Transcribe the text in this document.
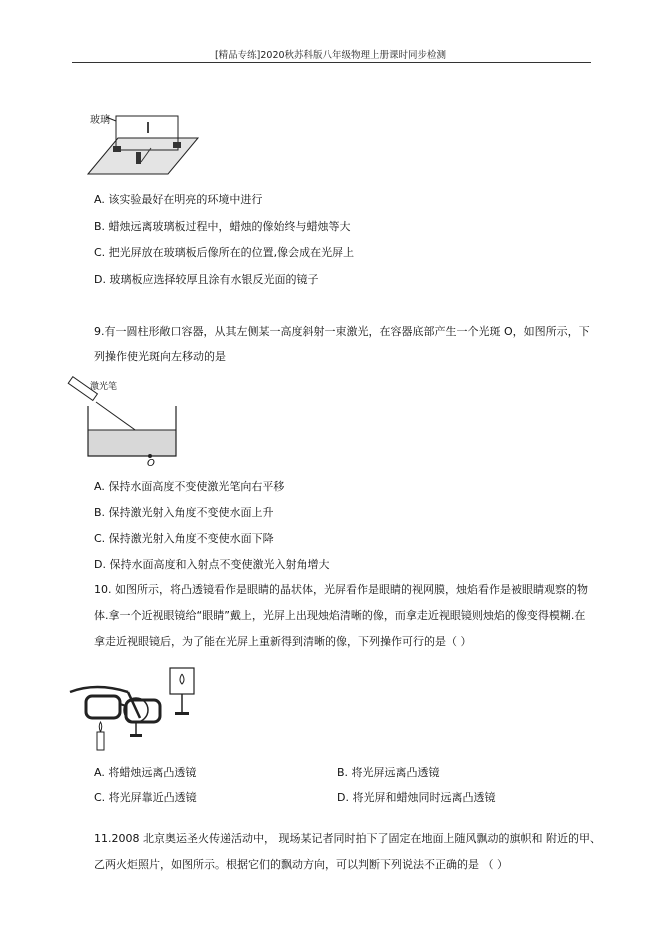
[精品专练]2020秋苏科版八年级物理上册课时同步检测
玻璃
A. 该实验最好在明亮的环境中进行
B. 蜡烛远离玻璃板过程中，蜡烛的像始终与蜡烛等大
C. 把光屏放在玻璃板后像所在的位置,像会成在光屏上
D. 玻璃板应选择较厚且涂有水银反光面的镜子
9.有一圆柱形敞口容器，从其左侧某一高度斜射一束激光，在容器底部产生一个光斑 O，如图所示，下
列操作使光斑向左移动的是
激光笔
O
A. 保持水面高度不变使激光笔向右平移
B. 保持激光射入角度不变使水面上升
C. 保持激光射入角度不变使水面下降
D. 保持水面高度和入射点不变使激光入射角增大
10. 如图所示，将凸透镜看作是眼睛的晶状体，光屏看作是眼睛的视网膜，烛焰看作是被眼睛观察的物
体.拿一个近视眼镜给“眼睛”戴上，光屏上出现烛焰清晰的像，而拿走近视眼镜则烛焰的像变得模糊.在
拿走近视眼镜后，为了能在光屏上重新得到清晰的像，下列操作可行的是（ ）
A. 将蜡烛远离凸透镜	B. 将光屏远离凸透镜
C. 将光屏靠近凸透镜	D. 将光屏和蜡烛同时远离凸透镜
11.2008 北京奥运圣火传递活动中， 现场某记者同时拍下了固定在地面上随风飘动的旗帜和 附近的甲、
乙两火炬照片，如图所示。根据它们的飘动方向，可以判断下列说法不正确的是 （ ）
